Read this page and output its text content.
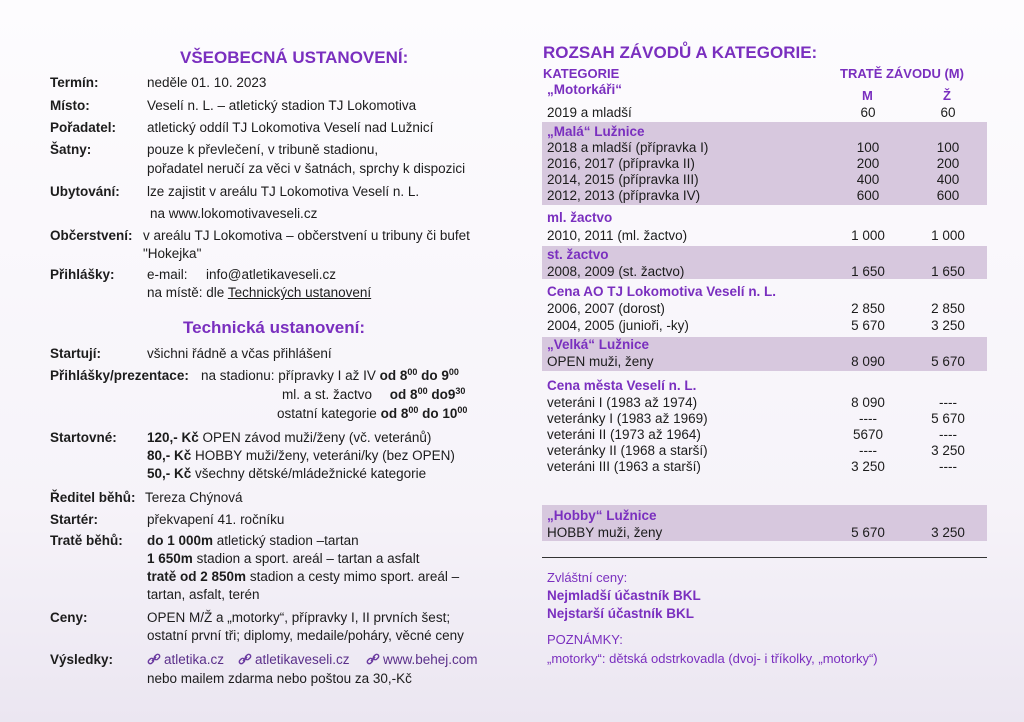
VŠEOBECNÁ USTANOVENÍ:
Termín:	neděle 01. 10. 2023
Místo:	Veselí n. L. – atletický stadion TJ Lokomotiva
Pořadatel: atletický oddíl TJ Lokomotiva Veselí nad Lužnicí
Šatny:	pouze k převlečení, v tribuně stadionu,
pořadatel neručí za věci v šatnách, sprchy k dispozici
Ubytování: lze zajistit v areálu TJ Lokomotiva Veselí n. L.
na www.lokomotivaveseli.cz
Občerstvení: v areálu TJ Lokomotiva – občerstvení u tribuny či bufet
"Hokejka"
Přihlášky: e-mail: info@atletikaveseli.cz
na místě: dle Technických ustanovení
Technická ustanovení:
Startují:	všichni řádně a včas přihlášení
Přihlášky/prezentace: na stadionu: přípravky I až IV od $8^{00}$ do $9^{00}$
ml. a st. žactvo od $8^{00}$ $do9^{30}$
ostatní kategorie od $8^{00}$ do $10^{00}$
Startovné: 120,- Kč OPEN závod muži/ženy (vč. veteránů)
80,- Kč HOBBY muži/ženy, veteráni/ky (bez OPEN)
50,- Kč všechny dětské/mládežnické kategorie
Ředitel běhů: Tereza Chýnová
Startér:	překvapení 41. ročníku
Tratě běhů: do 1 000m atletický stadion –tartan
1 650m stadion a sport. areál – tartan a asfalt
tratě od 2 850m stadion a cesty mimo sport. areál –
tartan, asfalt, terén
Ceny:	OPEN M/Ž a „motorky“, přípravky I, II prvních šest;
ostatní první tři; diplomy, medaile/poháry, věcné ceny
Výsledky:	atletika.cz	atletikaveseli.cz	www.behej.com
nebo mailem zdarma nebo poštou za 30,-Kč
ROZSAH ZÁVODŮ A KATEGORIE:
KATEGORIE	TRATĚ ZÁVODU (M)
M	Ž
„Motorkáři“
2019 a mladší	60	60
„Malá“ Lužnice
2018 a mladší (přípravka I)	100	100
2016, 2017 (přípravka II)	200	200
2014, 2015 (přípravka III)	400	400
2012, 2013 (přípravka IV)	600	600
ml. žactvo
2010, 2011 (ml. žactvo)	1 000	1 000
st. žactvo
2008, 2009 (st. žactvo)	1 650	1 650
Cena AO TJ Lokomotiva Veselí n. L.
2006, 2007 (dorost)	2 850	2 850
2004, 2005 (junioři, -ky)	5 670	3 250
„Velká“ Lužnice
OPEN muži, ženy	8 090	5 670
Cena města Veselí n. L.
veteráni I (1983 až 1974)	8 090	----
veteránky I (1983 až 1969)	----	5 670
veteráni II (1973 až 1964)	5670	----
veteránky II (1968 a starší)	----	3 250
veteráni III (1963 a starší)	3 250	----
„Hobby“ Lužnice
HOBBY muži, ženy	5 670	3 250
Zvláštní ceny:
Nejmladší účastník BKL
Nejstarší účastník BKL
POZNÁMKY:
„motorky“: dětská odstrkovadla (dvoj- i tříkolky, „motorky“)
